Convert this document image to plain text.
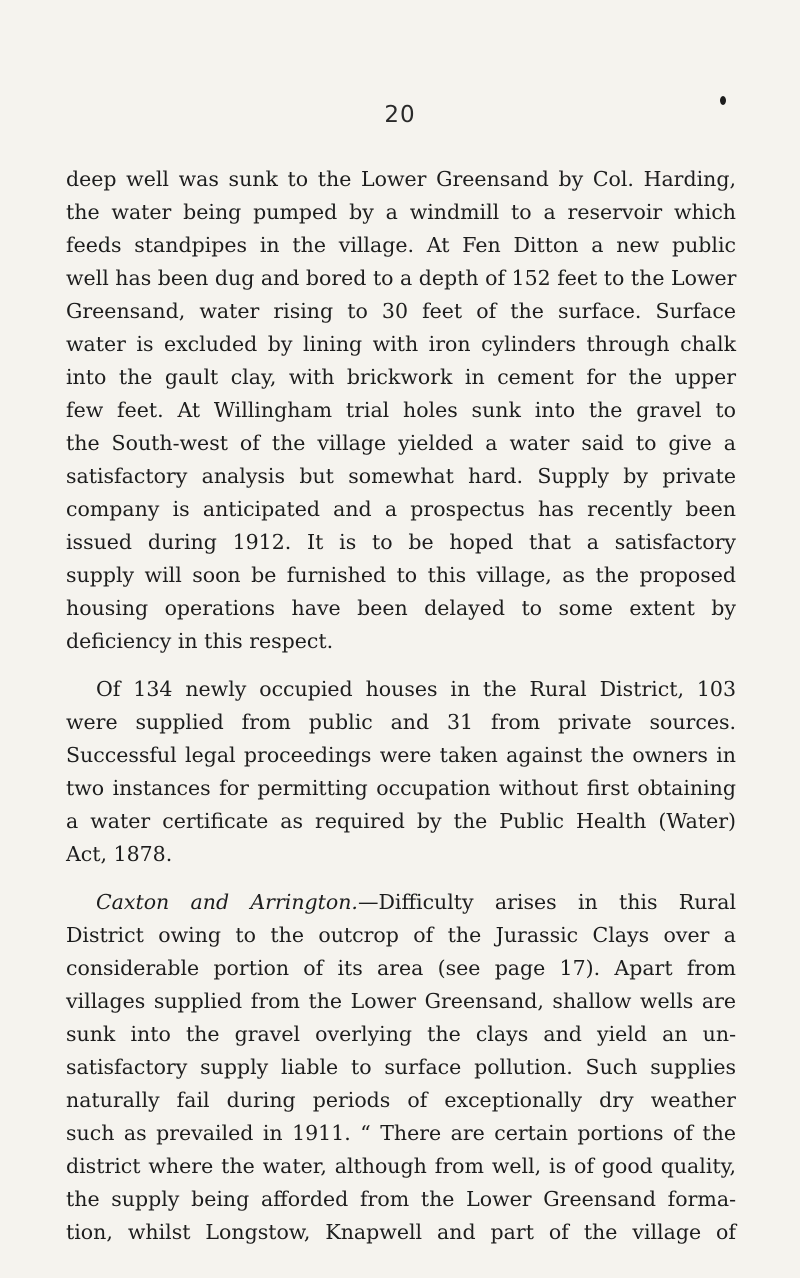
20
deep well was sunk to the Lower Greensand by Col. Harding,
the water being pumped by a windmill to a reservoir which
feeds standpipes in the village. At Fen Ditton a new public
well has been dug and bored to a depth of 152 feet to the Lower
Greensand, water rising to 30 feet of the surface. Surface
water is excluded by lining with iron cylinders through chalk
into the gault clay, with brickwork in cement for the upper
few feet. At Willingham trial holes sunk into the gravel to
the South-west of the village yielded a water said to give a
satisfactory analysis but somewhat hard. Supply by private
company is anticipated and a prospectus has recently been
issued during 1912. It is to be hoped that a satisfactory
supply will soon be furnished to this village, as the proposed
housing operations have been delayed to some extent by
deficiency in this respect.
Of 134 newly occupied houses in the Rural District, 103
were supplied from public and 31 from private sources.
Successful legal proceedings were taken against the owners in
two instances for permitting occupation without first obtaining
a water certificate as required by the Public Health (Water)
Act, 1878.
Caxton and Arrington.—Difficulty arises in this Rural
District owing to the outcrop of the Jurassic Clays over a
considerable portion of its area (see page 17). Apart from
villages supplied from the Lower Greensand, shallow wells are
sunk into the gravel overlying the clays and yield an un-
satisfactory supply liable to surface pollution. Such supplies
naturally fail during periods of exceptionally dry weather
such as prevailed in 1911. “ There are certain portions of the
district where the water, although from well, is of good quality,
the supply being afforded from the Lower Greensand forma-
tion, whilst Longstow, Knapwell and part of the village of
